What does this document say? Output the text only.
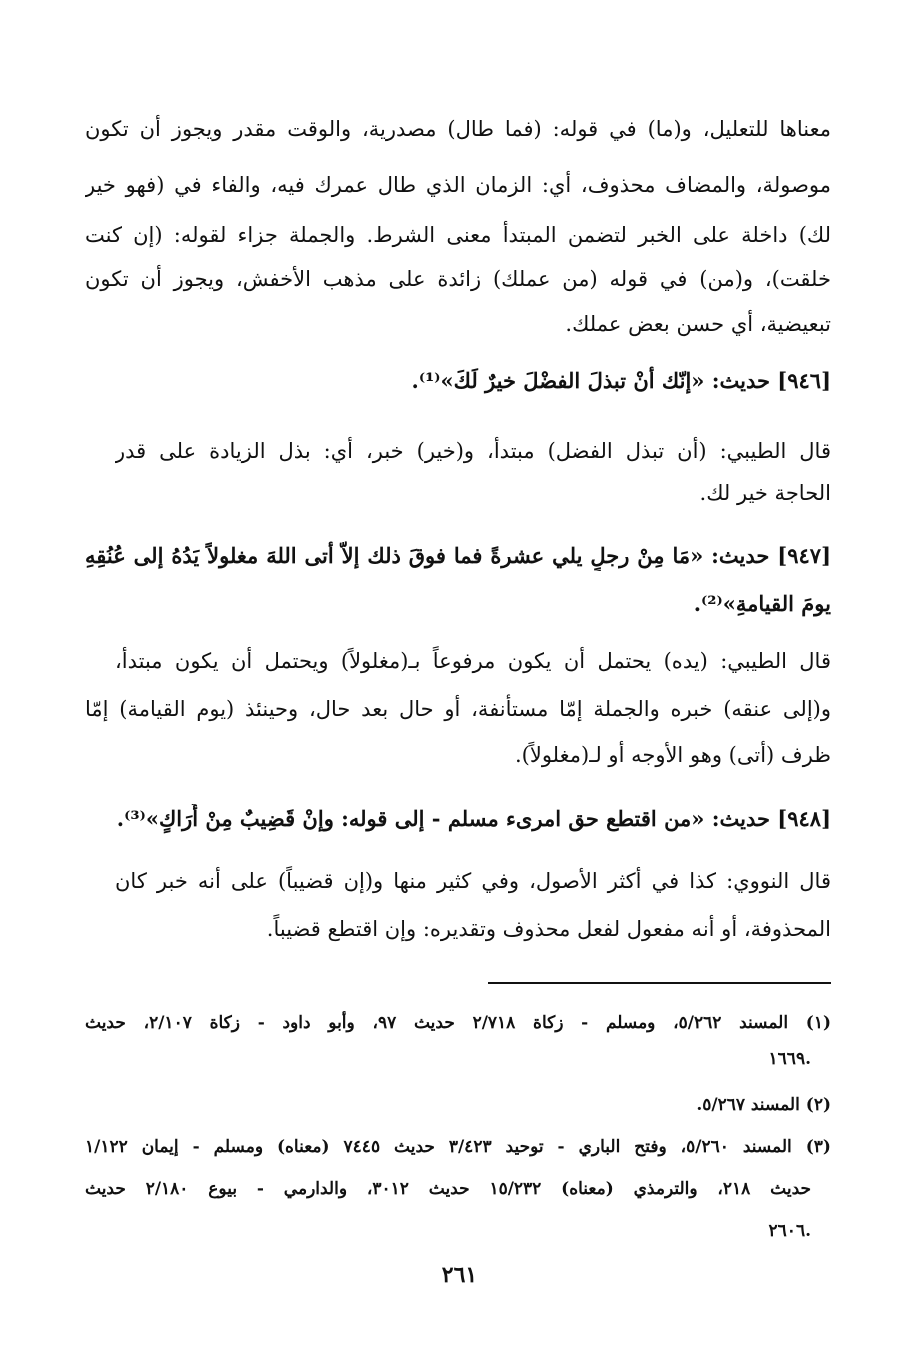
معناها للتعليل، و(ما) في قوله: (فما طال) مصدرية، والوقت مقدر ويجوز أن تكون
موصولة، والمضاف محذوف، أي: الزمان الذي طال عمرك فيه، والفاء في (فهو خير
لك) داخلة على الخبر لتضمن المبتدأ معنى الشرط. والجملة جزاء لقوله: (إن كنت
خلقت)، و(من) في قوله (من عملك) زائدة على مذهب الأخفش، ويجوز أن تكون
تبعيضية، أي حسن بعض عملك.
[٩٤٦] حديث: «إنّك أنْ تبذلَ الفضْلَ خيرٌ لَكَ»⁽¹⁾.
قال الطيبي: (أن تبذل الفضل) مبتدأ، و(خير) خبر، أي: بذل الزيادة على قدر
الحاجة خير لك.
[٩٤٧] حديث: «مَا مِنْ رجلٍ يلي عشرةً فما فوقَ ذلك إلاّ أتى اللهَ مغلولاً يَدُهُ إلى عُنُقِهِ
يومَ القيامةِ»⁽²⁾.
قال الطيبي: (يده) يحتمل أن يكون مرفوعاً بـ(مغلولاً) ويحتمل أن يكون مبتدأ،
و(إلى عنقه) خبره والجملة إمّا مستأنفة، أو حال بعد حال، وحينئذ (يوم القيامة) إمّا
ظرف (أتى) وهو الأوجه أو لـ(مغلولاً).
[٩٤٨] حديث: «من اقتطع حق امرىء مسلم - إلى قوله: وإنْ قَضِيبٌ مِنْ أَرَاكٍ»⁽³⁾.
قال النووي: كذا في أكثر الأصول، وفي كثير منها و(إن قضيباً) على أنه خبر كان
المحذوفة، أو أنه مفعول لفعل محذوف وتقديره: وإن اقتطع قضيباً.
(١) المسند ٥/٢٦٢، ومسلم - زكاة ٢/٧١٨ حديث ٩٧، وأبو داود - زكاة ٢/١٠٧، حديث
١٦٦٩.
(٢) المسند ٥/٢٦٧.
(٣) المسند ٥/٢٦٠، وفتح الباري - توحيد ٣/٤٢٣ حديث ٧٤٤٥ (معناه) ومسلم - إيمان ١/١٢٢
حديث ٢١٨، والترمذي (معناه) ١٥/٢٣٢ حديث ٣٠١٢، والدارمي - بيوع ٢/١٨٠ حديث
٢٦٠٦.
٢٦١
